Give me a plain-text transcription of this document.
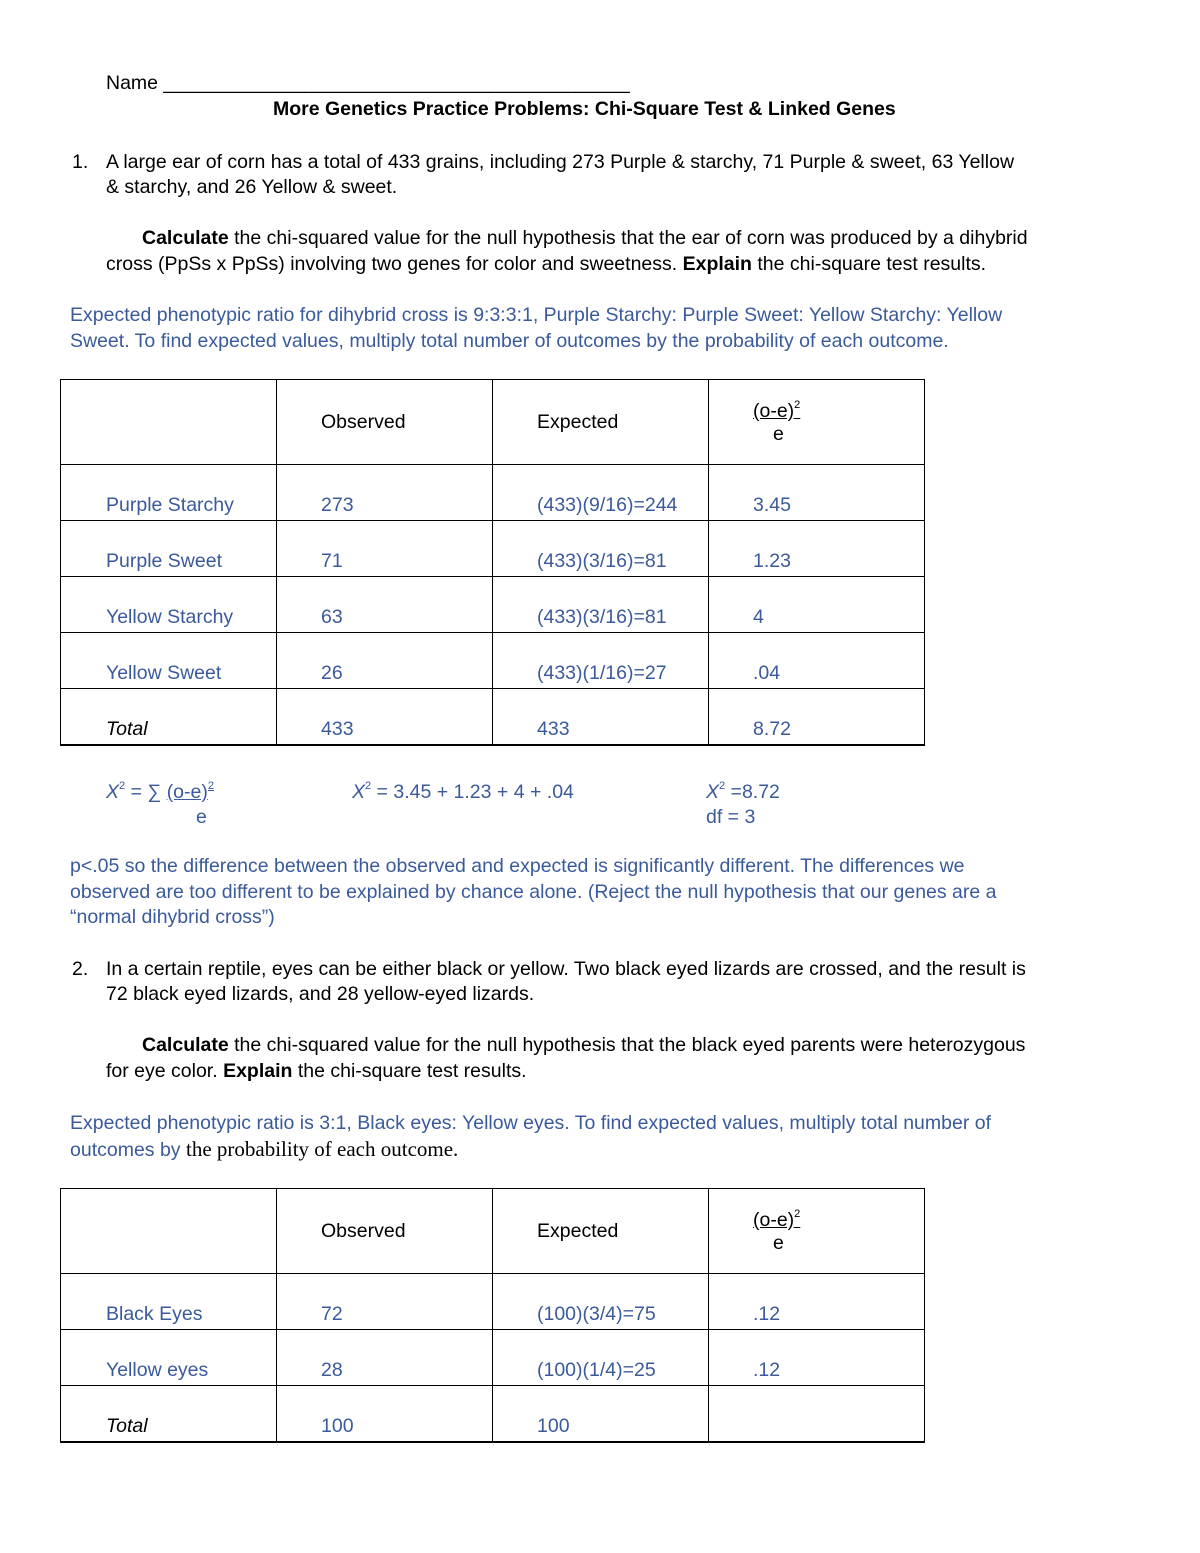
Name ___________________________________________
More Genetics Practice Problems: Chi-Square Test & Linked Genes
1. A large ear of corn has a total of 433 grains, including 273 Purple & starchy, 71 Purple & sweet, 63 Yellow
& starchy, and 26 Yellow & sweet.
Calculate the chi-squared value for the null hypothesis that the ear of corn was produced by a dihybrid
cross (PpSs x PpSs) involving two genes for color and sweetness. Explain the chi-square test results.
Expected phenotypic ratio for dihybrid cross is 9:3:3:1, Purple Starchy: Purple Sweet: Yellow Starchy: Yellow
Sweet. To find expected values, multiply total number of outcomes by the probability of each outcome.
	Observed	Expected	$(o-e)^2$
e

Purple Starchy	273	(433)(9/16)=244	3.45
Purple Sweet	71	(433)(3/16)=81	1.23
Yellow Starchy	63	(433)(3/16)=81	4
Yellow Sweet	26	(433)(1/16)=27	.04
Total	433	433	8.72
$X^2$ = ∑ $(o-e)^2$
e
$X^2 = 3.45 + 1.23 + 4 + .04$	$X^2 =8.72$
df = 3
p<.05 so the difference between the observed and expected is significantly different. The differences we
observed are too different to be explained by chance alone. (Reject the null hypothesis that our genes are a
“normal dihybrid cross”)
2. In a certain reptile, eyes can be either black or yellow. Two black eyed lizards are crossed, and the result is
72 black eyed lizards, and 28 yellow-eyed lizards.
Calculate the chi-squared value for the null hypothesis that the black eyed parents were heterozygous
for eye color. Explain the chi-square test results.
Expected phenotypic ratio is 3:1, Black eyes: Yellow eyes. To find expected values, multiply total number of
outcomes by the probability of each outcome.
	Observed	Expected	$(o-e)^2$
e

Black Eyes	72	(100)(3/4)=75	.12
Yellow eyes	28	(100)(1/4)=25	.12
Total	100	100	
